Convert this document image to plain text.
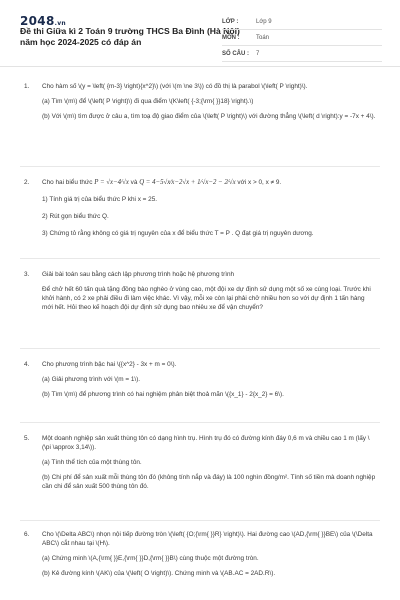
2048.vn
Đề thi Giữa kì 2 Toán 9 trường THCS Ba Đình (Hà Nội) năm học 2024-2025 có đáp án
LỚP :	Lớp 9
MÔN :	Toán
SỐ CÂU :	7
1. Cho hàm số \(y = \left( {m-3} \right){x^2}\) (với \(m \ne 3\)) có đồ thị là parabol \(\left( P \right)\).

(a) Tìm \(m\) để \(\left( P \right)\) đi qua điểm \(K\left( {-3;{\rm{ }}18} \right).\)

(b) Với \(m\) tìm được ở câu a, tìm toạ độ giao điểm của \(\left( P \right)\) với đường thẳng \(\left( d \right):y = -7x + 4\).

2. Cho hai biểu thức P = √x−4⁄√x và Q = 4−5√x⁄x−2√x + 1⁄√x−2 − 2⁄√x với x > 0, x ≠ 9.

1) Tính giá trị của biểu thức P khi x = 25.

2) Rút gọn biểu thức Q.

3) Chứng tỏ rằng không có giá trị nguyên của x để biểu thức T = P . Q đạt giá trị nguyên dương.

3. Giải bài toán sau bằng cách lập phương trình hoặc hệ phương trình

Để chở hết 60 tấn quà tặng đồng bào nghèo ở vùng cao, một đội xe dự định sử dụng một số xe cùng loại. Trước khi khởi hành, có 2 xe phải điều đi làm việc khác. Vì vậy, mỗi xe còn lại phải chở nhiều hơn so với dự định 1 tấn hàng mới hết. Hỏi theo kế hoạch đội dự định sử dụng bao nhiêu xe để vận chuyển?

4. Cho phương trình bậc hai \({x^2} - 3x + m = 0\).

(a) Giải phương trình với \(m = 1\).

(b) Tìm \(m\) để phương trình có hai nghiệm phân biệt thoả mãn \({x_1} - 2{x_2} = 6\).

5. Một doanh nghiệp sản xuất thùng tôn có dạng hình trụ. Hình trụ đó có đường kính đáy 0,6 m và chiều cao 1 m (lấy \(\pi \approx 3,14\)).

(a) Tính thể tích của một thùng tôn.

(b) Chi phí để sản xuất mỗi thùng tôn đó (không tính nắp và đáy) là 100 nghìn đồng/m². Tính số tiền mà doanh nghiệp cần chi để sản xuất 500 thùng tôn đó.

6. Cho \(\Delta ABC\) nhọn nội tiếp đường tròn \(\left( {O;{\rm{ }}R} \right)\). Hai đường cao \(AD,{\rm{ }}BE\) của \(\Delta ABC\) cắt nhau tại \(H\).

(a) Chứng minh \(A,{\rm{ }}E,{\rm{ }}D,{\rm{ }}B\) cùng thuộc một đường tròn.

(b) Kẻ đường kính \(AK\) của \(\left( O \right)\). Chứng minh và \(AB.AC = 2AD.R\).
